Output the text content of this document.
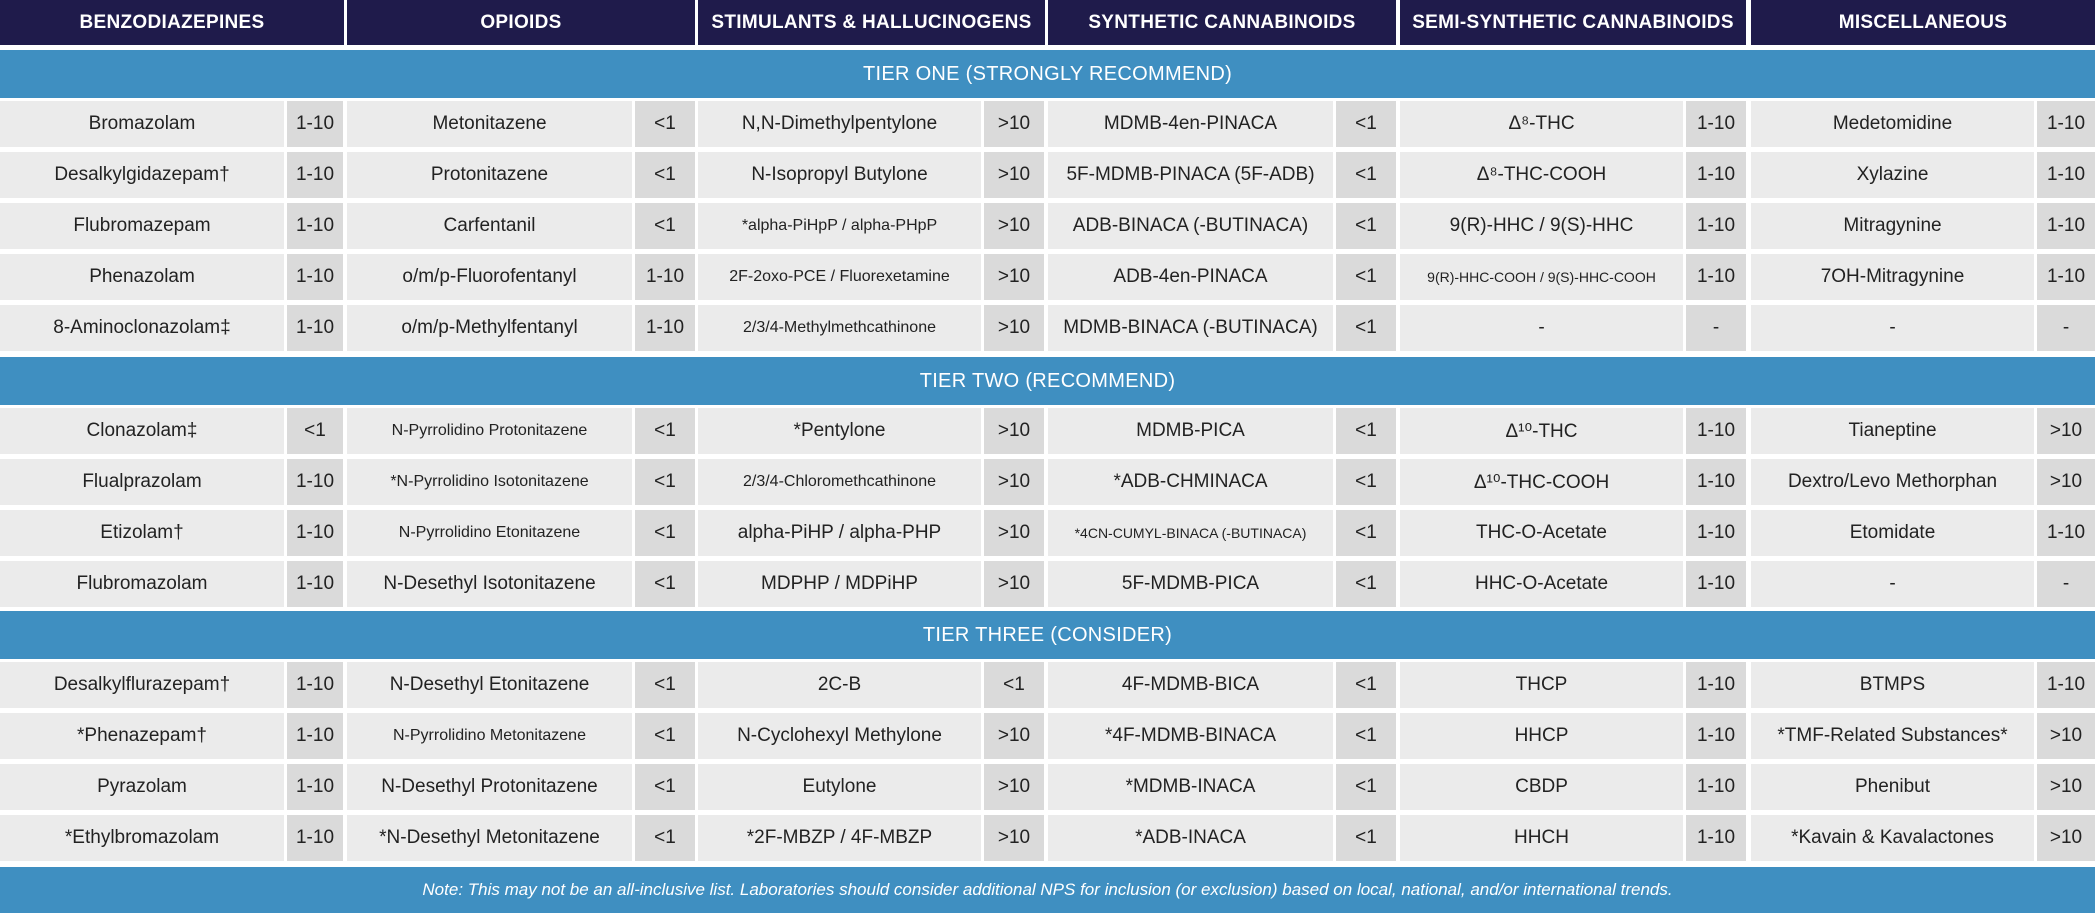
BENZODIAZEPINES	OPIOIDS	STIMULANTS & HALLUCINOGENS	SYNTHETIC CANNABINOIDS	SEMI-SYNTHETIC CANNABINOIDS	MISCELLANEOUS
TIER ONE (STRONGLY RECOMMEND)
Bromazolam	1-10	Metonitazene	<1	N,N-Dimethylpentylone	>10	MDMB-4en-PINACA	<1	Δ⁸-THC	1-10	Medetomidine	1-10
Desalkylgidazepam†	1-10	Protonitazene	<1	N-Isopropyl Butylone	>10	5F-MDMB-PINACA (5F-ADB)	<1	Δ⁸-THC-COOH	1-10	Xylazine	1-10
Flubromazepam	1-10	Carfentanil	<1	*alpha-PiHpP / alpha-PHpP	>10	ADB-BINACA (-BUTINACA)	<1	9(R)-HHC / 9(S)-HHC	1-10	Mitragynine	1-10
Phenazolam	1-10	o/m/p-Fluorofentanyl	1-10	2F-2oxo-PCE / Fluorexetamine	>10	ADB-4en-PINACA	<1	9(R)-HHC-COOH / 9(S)-HHC-COOH	1-10	7OH-Mitragynine	1-10
8-Aminoclonazolam‡	1-10	o/m/p-Methylfentanyl	1-10	2/3/4-Methylmethcathinone	>10	MDMB-BINACA (-BUTINACA)	<1	-	-	-	-
TIER TWO (RECOMMEND)
Clonazolam‡	<1	N-Pyrrolidino Protonitazene	<1	*Pentylone	>10	MDMB-PICA	<1	Δ¹⁰-THC	1-10	Tianeptine	>10
Flualprazolam	1-10	*N-Pyrrolidino Isotonitazene	<1	2/3/4-Chloromethcathinone	>10	*ADB-CHMINACA	<1	Δ¹⁰-THC-COOH	1-10	Dextro/Levo Methorphan	>10
Etizolam†	1-10	N-Pyrrolidino Etonitazene	<1	alpha-PiHP / alpha-PHP	>10	*4CN-CUMYL-BINACA (-BUTINACA)	<1	THC-O-Acetate	1-10	Etomidate	1-10
Flubromazolam	1-10	N-Desethyl Isotonitazene	<1	MDPHP / MDPiHP	>10	5F-MDMB-PICA	<1	HHC-O-Acetate	1-10	-	-
TIER THREE (CONSIDER)
Desalkylflurazepam†	1-10	N-Desethyl Etonitazene	<1	2C-B	<1	4F-MDMB-BICA	<1	THCP	1-10	BTMPS	1-10
*Phenazepam†	1-10	N-Pyrrolidino Metonitazene	<1	N-Cyclohexyl Methylone	>10	*4F-MDMB-BINACA	<1	HHCP	1-10	*TMF-Related Substances*	>10
Pyrazolam	1-10	N-Desethyl Protonitazene	<1	Eutylone	>10	*MDMB-INACA	<1	CBDP	1-10	Phenibut	>10
*Ethylbromazolam	1-10	*N-Desethyl Metonitazene	<1	*2F-MBZP / 4F-MBZP	>10	*ADB-INACA	<1	HHCH	1-10	*Kavain & Kavalactones	>10
Note: This may not be an all-inclusive list. Laboratories should consider additional NPS for inclusion (or exclusion) based on local, national, and/or international trends.
